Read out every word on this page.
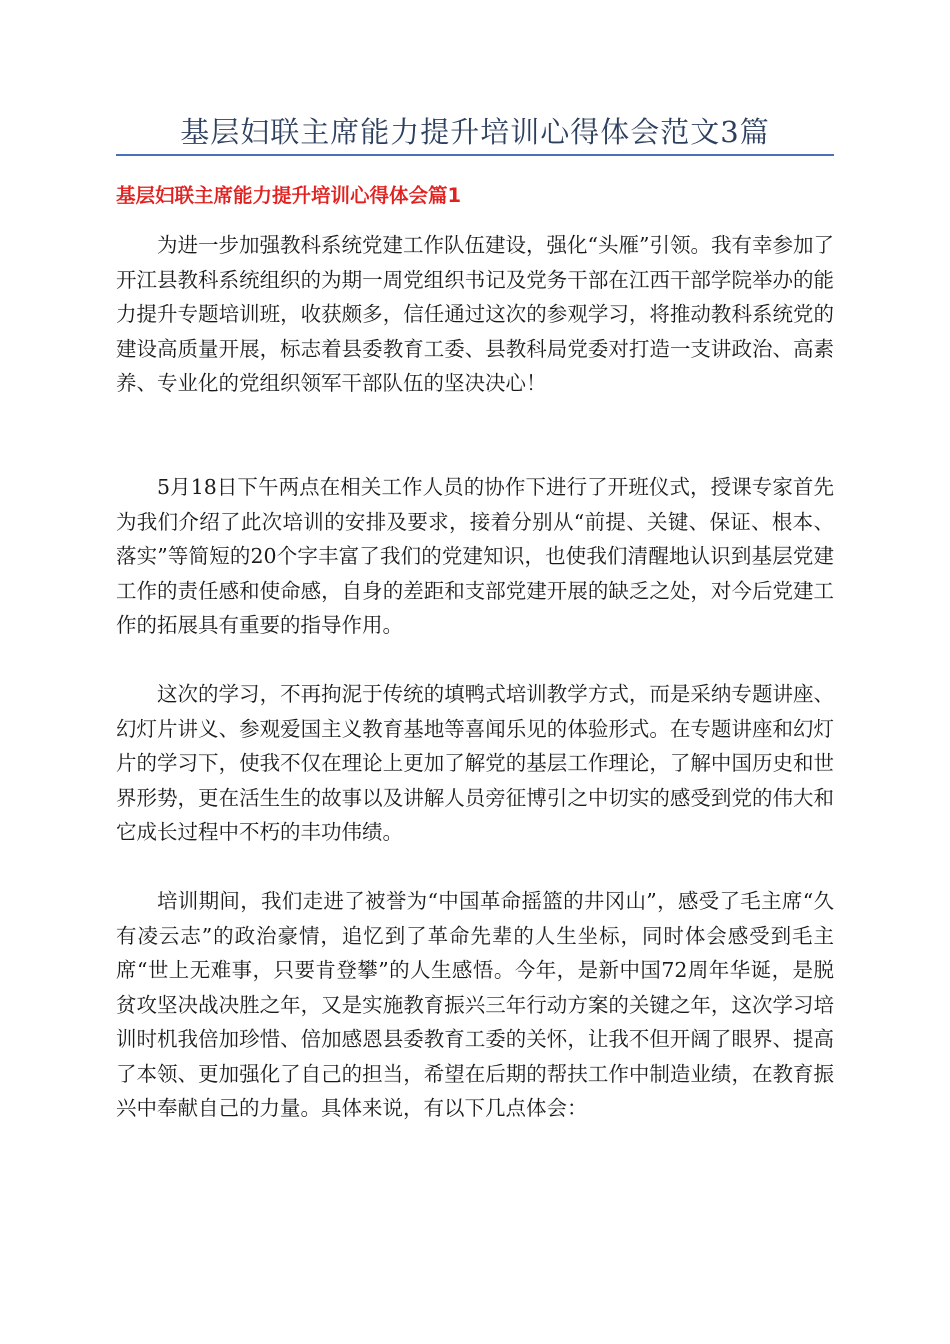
基层妇联主席能力提升培训心得体会范文3篇
基层妇联主席能力提升培训心得体会篇1

为进一步加强教科系统党建工作队伍建设，强化“头雁”引领。我有幸参加了开江县教科系统组织的为期一周党组织书记及党务干部在江西干部学院举办的能力提升专题培训班，收获颇多，信任通过这次的参观学习，将推动教科系统党的建设高质量开展，标志着县委教育工委、县教科局党委对打造一支讲政治、高素养、专业化的党组织领军干部队伍的坚决决心！

5月18日下午两点在相关工作人员的协作下进行了开班仪式，授课专家首先为我们介绍了此次培训的安排及要求，接着分别从“前提、关键、保证、根本、落实”等简短的20个字丰富了我们的党建知识，也使我们清醒地认识到基层党建工作的责任感和使命感，自身的差距和支部党建开展的缺乏之处，对今后党建工作的拓展具有重要的指导作用。

这次的学习，不再拘泥于传统的填鸭式培训教学方式，而是采纳专题讲座、幻灯片讲义、参观爱国主义教育基地等喜闻乐见的体验形式。在专题讲座和幻灯片的学习下，使我不仅在理论上更加了解党的基层工作理论，了解中国历史和世界形势，更在活生生的故事以及讲解人员旁征博引之中切实的感受到党的伟大和它成长过程中不朽的丰功伟绩。

培训期间，我们走进了被誉为“中国革命摇篮的井冈山”，感受了毛主席“久有凌云志”的政治豪情，追忆到了革命先辈的人生坐标，同时体会感受到毛主席“世上无难事，只要肯登攀”的人生感悟。今年，是新中国72周年华诞，是脱贫攻坚决战决胜之年，又是实施教育振兴三年行动方案的关键之年，这次学习培训时机我倍加珍惜、倍加感恩县委教育工委的关怀，让我不但开阔了眼界、提高了本领、更加强化了自己的担当，希望在后期的帮扶工作中制造业绩，在教育振兴中奉献自己的力量。具体来说，有以下几点体会：
